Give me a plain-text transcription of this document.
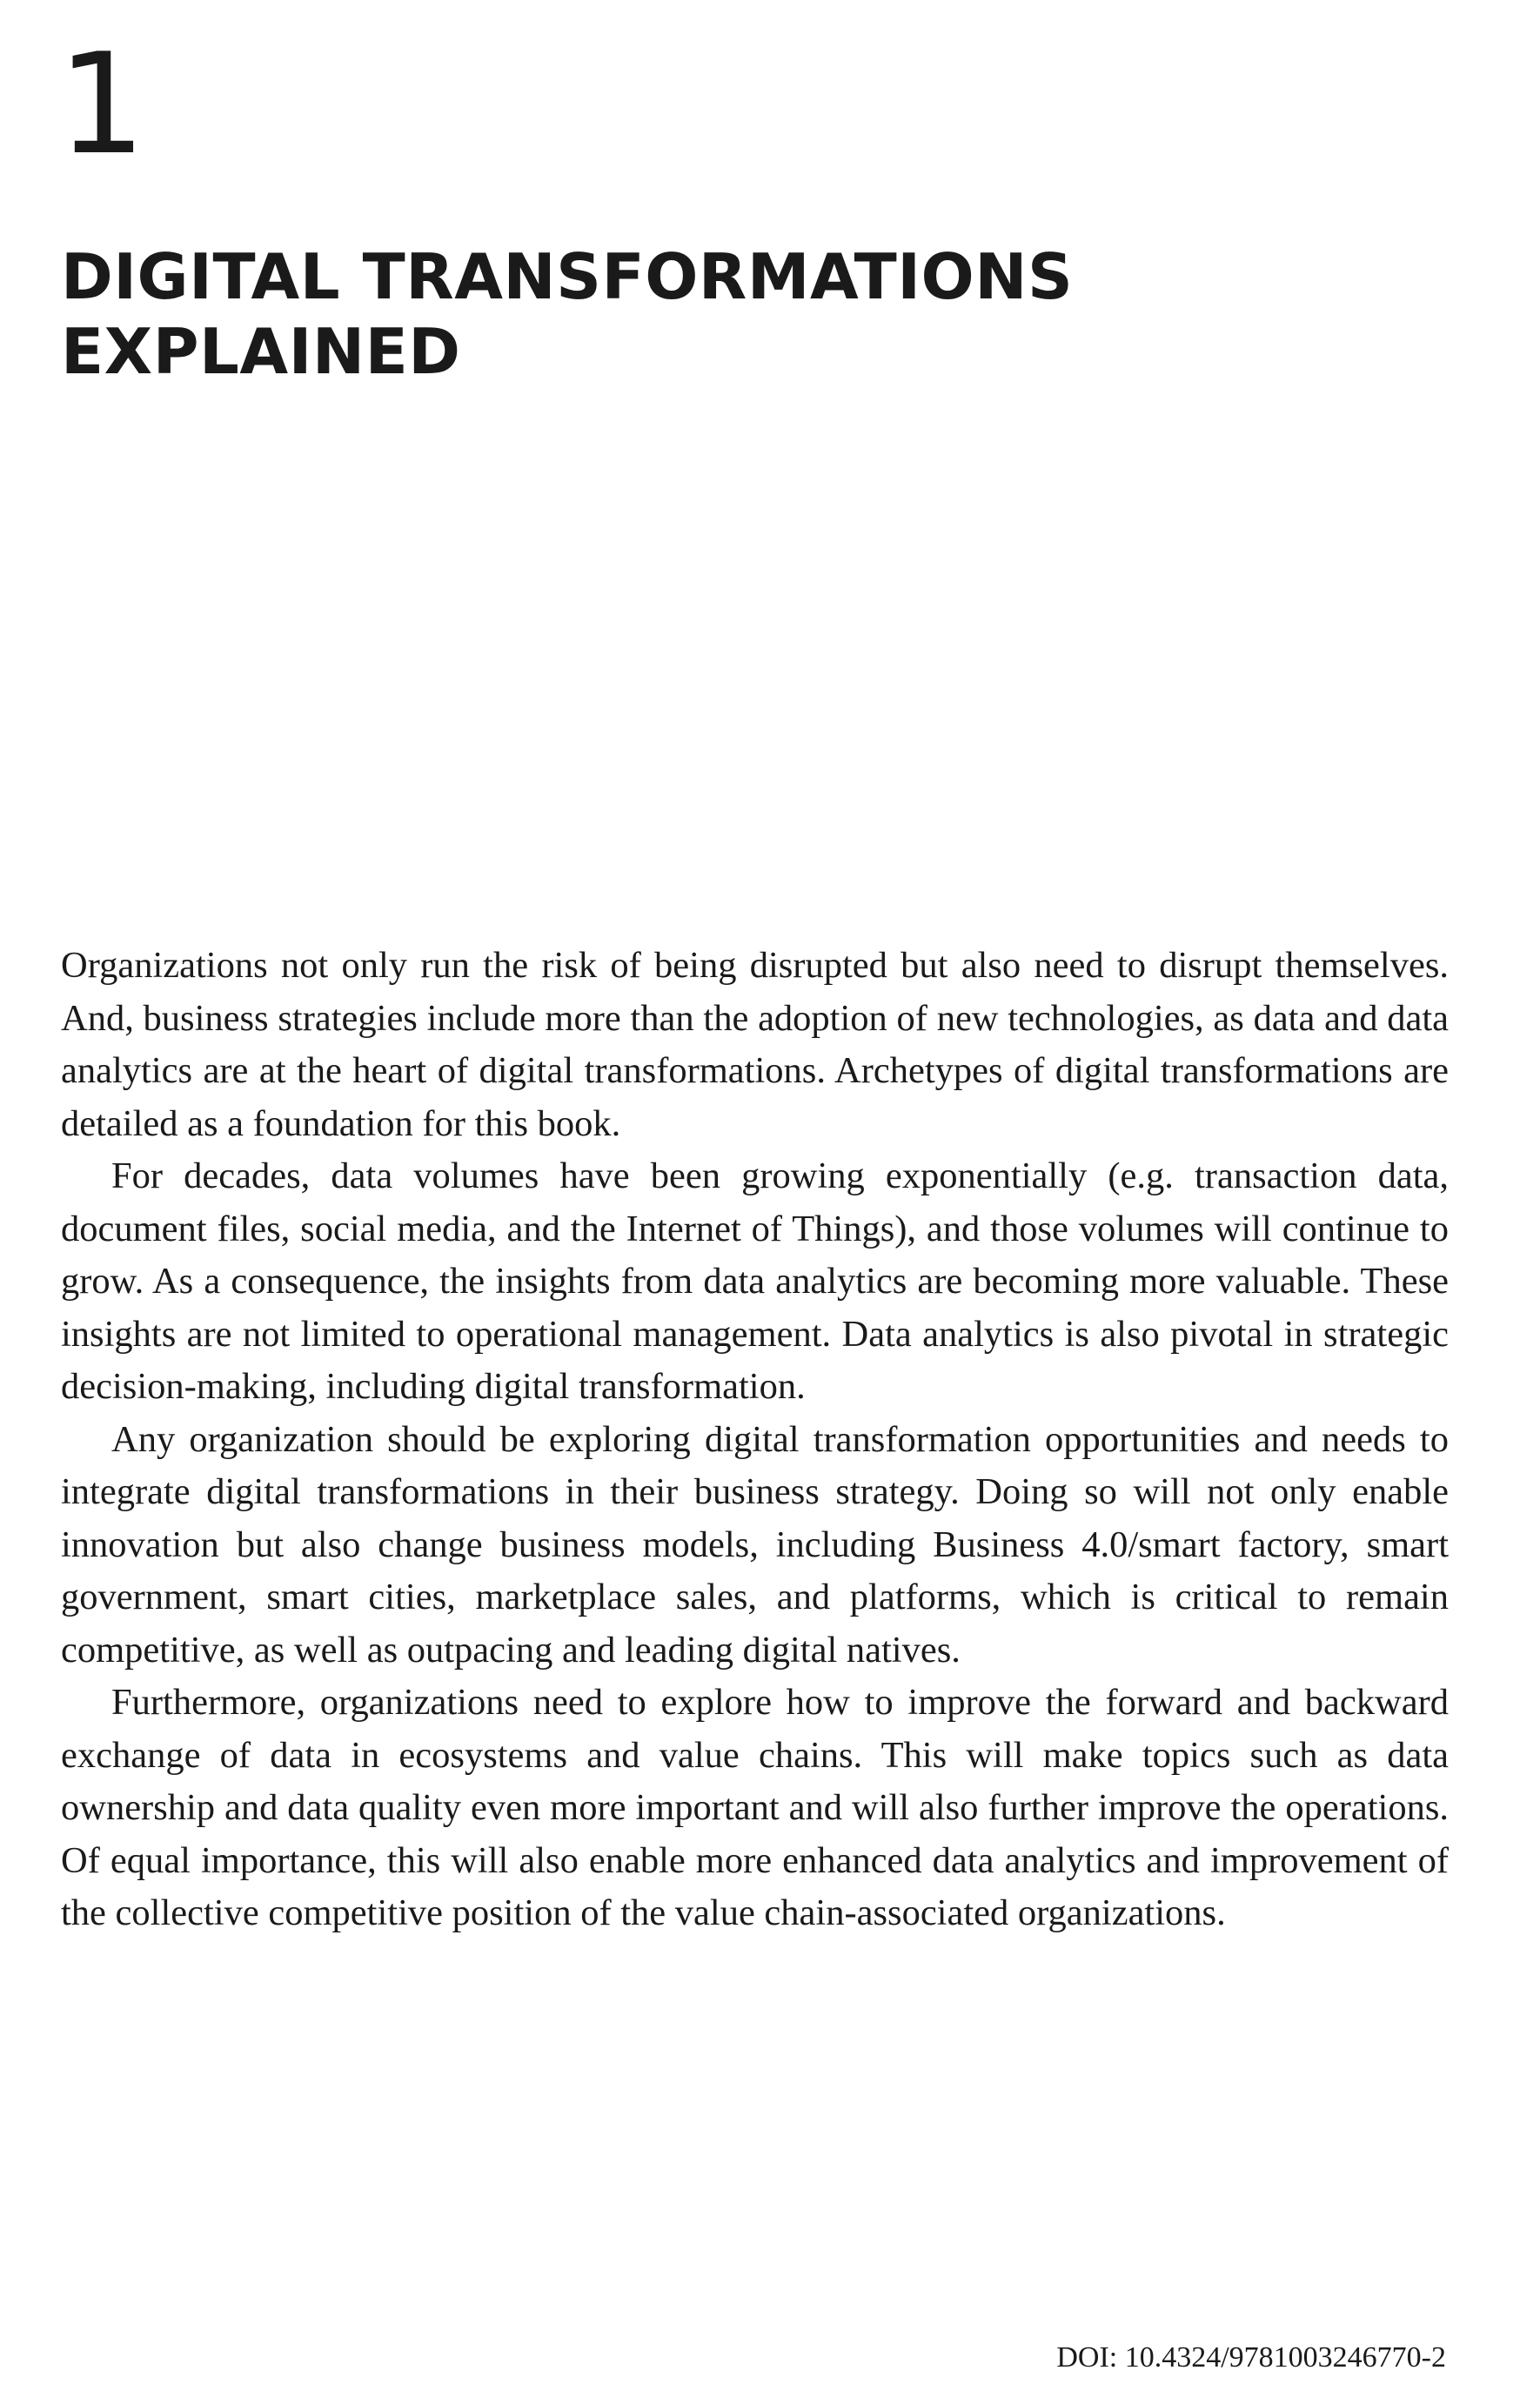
1
DIGITAL TRANSFORMATIONS
EXPLAINED

Organizations not only run the risk of being disrupted but also need to disrupt themselves. And, business strategies include more than the adoption of new technologies, as data and data analytics are at the heart of digital transformations. Archetypes of digital transformations are detailed as a foundation for this book.

For decades, data volumes have been growing exponentially (e.g. transaction data, document files, social media, and the Internet of Things), and those volumes will continue to grow. As a consequence, the insights from data analytics are becoming more valuable. These insights are not limited to operational management. Data analytics is also pivotal in strategic decision-making, including digital transformation.

Any organization should be exploring digital transformation opportunities and needs to integrate digital transformations in their business strategy. Doing so will not only enable innovation but also change business models, including Business 4.0/smart factory, smart government, smart cities, marketplace sales, and platforms, which is critical to remain competitive, as well as outpacing and leading digital natives.

Furthermore, organizations need to explore how to improve the forward and backward exchange of data in ecosystems and value chains. This will make topics such as data ownership and data quality even more important and will also further improve the operations. Of equal importance, this will also enable more enhanced data analytics and improvement of the collective competitive position of the value chain-associated organizations.

DOI: 10.4324/9781003246770-2
